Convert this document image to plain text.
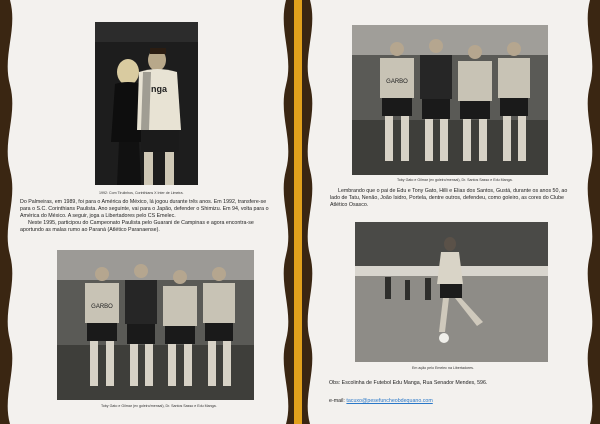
nga
1992: Com Tirulinhos, Corinthians X Inter de Limeira.

Do Palmeiras, em 1989, foi para o América do México, lá jogou durante três anos. Em 1992, transfere-se para o S.C. Corinthians Paulista. Ano seguinte, vai para o Japão, defender o Shimizu. Em 94, volta para o América do México. A seguir, joga a Libertadores pelo CS Emelec.

Neste 1995, participou do Campeonato Paulista pelo Guarani de Campinas e agora encontra-se aportundo as malas rumo ao Paraná (Atlético Paranaense).

GARBO
Toby Gato e Gilmar (ex goleiro/mensal), Dr. Santos Sasso e Edu Manga.
GARBO
Toby Gato e Gilmar (ex goleiro/mensal), Dr. Santos Sasso e Edu Manga.
Lembrando que o pai de Edu e Tony Gato, Hilli e Elias dos Santos, Gustá, durante os anos 50, ao lado de Tatu, Nenão, João Isidro, Portela, dentre outros, defendeu, como goleiro, as cores do Clube Atlético Osasco.
Em ação pelo Emelec na Libertadores.
Obs: Escolinha de Futebol Edu Manga, Rua Senador Mendes, 596.
e-mail: tacuxo@pesefuncheobdequano.com
